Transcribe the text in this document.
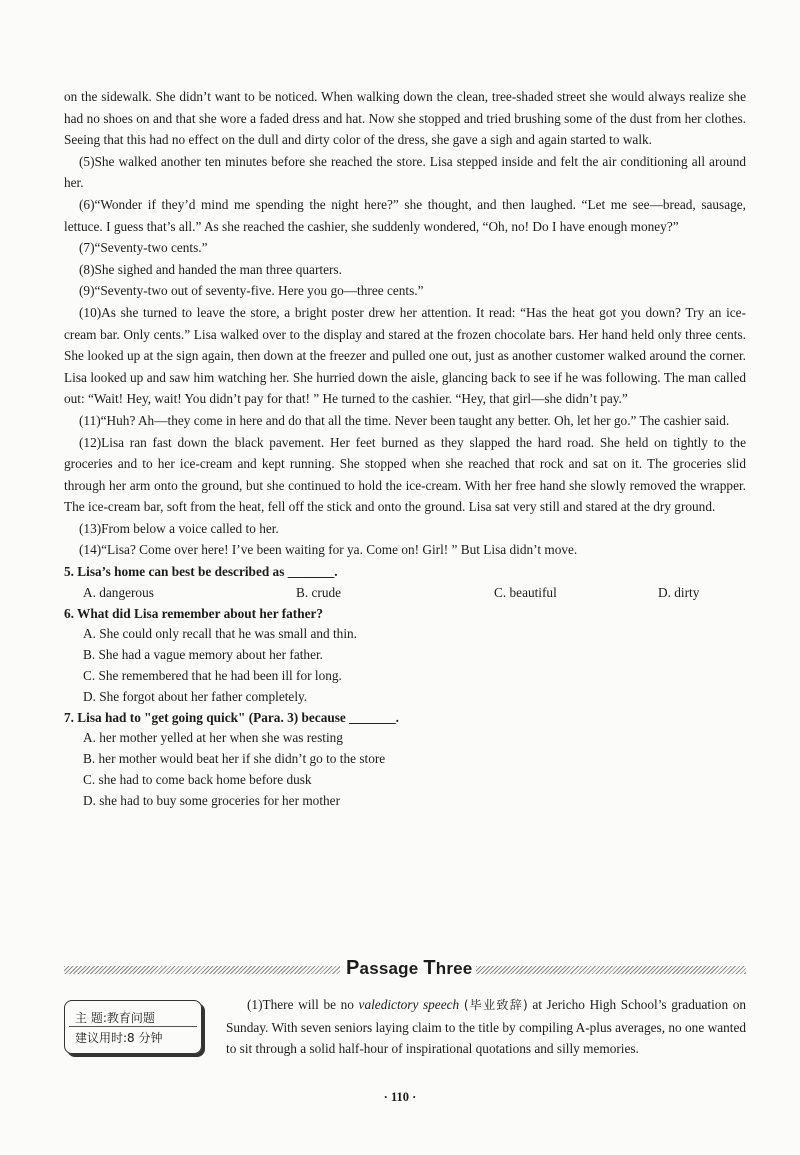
on the sidewalk. She didn’t want to be noticed. When walking down the clean, tree-shaded street she would always realize she had no shoes on and that she wore a faded dress and hat. Now she stopped and tried brushing some of the dust from her clothes. Seeing that this had no effect on the dull and dirty color of the dress, she gave a sigh and again started to walk.

(5)She walked another ten minutes before she reached the store. Lisa stepped inside and felt the air conditioning all around her.

(6)“Wonder if they’d mind me spending the night here?” she thought, and then laughed. “Let me see—bread, sausage, lettuce. I guess that’s all.” As she reached the cashier, she suddenly wondered, “Oh, no! Do I have enough money?”

(7)“Seventy-two cents.”

(8)She sighed and handed the man three quarters.

(9)“Seventy-two out of seventy-five. Here you go—three cents.”

(10)As she turned to leave the store, a bright poster drew her attention. It read: “Has the heat got you down? Try an ice-cream bar. Only cents.” Lisa walked over to the display and stared at the frozen chocolate bars. Her hand held only three cents. She looked up at the sign again, then down at the freezer and pulled one out, just as another customer walked around the corner. Lisa looked up and saw him watching her. She hurried down the aisle, glancing back to see if he was following. The man called out: “Wait! Hey, wait! You didn’t pay for that! ” He turned to the cashier. “Hey, that girl—she didn’t pay.”

(11)“Huh? Ah—they come in here and do that all the time. Never been taught any better. Oh, let her go.” The cashier said.

(12)Lisa ran fast down the black pavement. Her feet burned as they slapped the hard road. She held on tightly to the groceries and to her ice-cream and kept running. She stopped when she reached that rock and sat on it. The groceries slid through her arm onto the ground, but she continued to hold the ice-cream. With her free hand she slowly removed the wrapper. The ice-cream bar, soft from the heat, fell off the stick and onto the ground. Lisa sat very still and stared at the dry ground.

(13)From below a voice called to her.

(14)“Lisa? Come over here! I’ve been waiting for ya. Come on! Girl! ” But Lisa didn’t move.

5. Lisa’s home can best be described as _______.

A. dangerous	B. crude	C. beautiful	D. dirty

6. What did Lisa remember about her father?

A. She could only recall that he was small and thin.

B. She had a vague memory about her father.

C. She remembered that he had been ill for long.

D. She forgot about her father completely.

7. Lisa had to "get going quick" (Para. 3) because _______.

A. her mother yelled at her when she was resting

B. her mother would beat her if she didn’t go to the store

C. she had to come back home before dusk

D. she had to buy some groceries for her mother

Passage Three
主 题:教育问题
建议用时:8 分钟

(1)There will be no valedictory speech (毕业致辞) at Jericho High School’s graduation on Sunday. With seven seniors laying claim to the title by compiling A-plus averages, no one wanted to sit through a solid half-hour of inspirational quotations and silly memories.

· 110 ·
